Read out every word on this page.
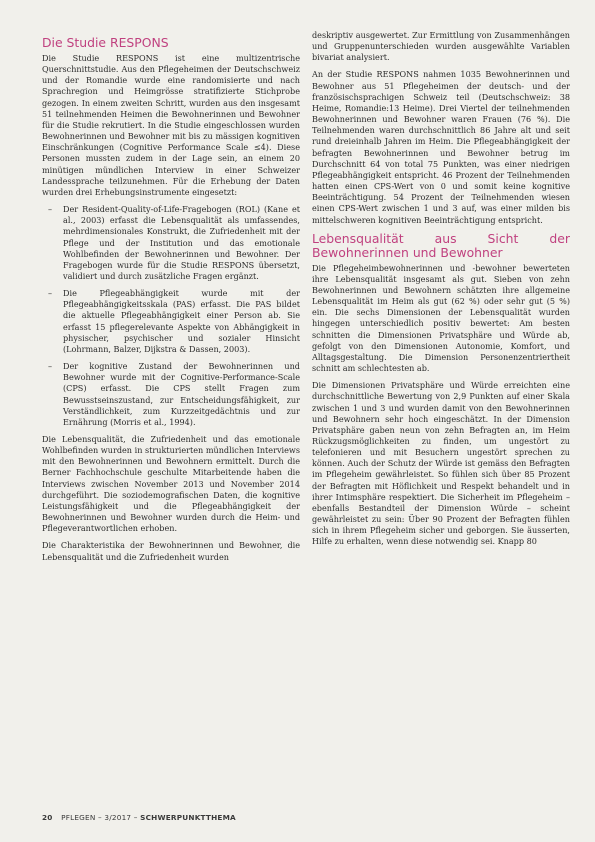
Die Studie RESPONS

Die Studie RESPONS ist eine multizentrische Querschnittstudie. Aus den Pflegeheimen der Deutschschweiz und der Romandie wurde eine randomisierte und nach Sprachregion und Heimgrösse stratifizierte Stichprobe gezogen. In einem zweiten Schritt, wurden aus den insgesamt 51 teilnehmenden Heimen die Bewohnerinnen und Bewohner für die Studie rekrutiert. In die Studie eingeschlossen wurden Bewohnerinnen und Bewohner mit bis zu mässigen kognitiven Einschränkungen (Cognitive Performance Scale ≤4). Diese Personen mussten zudem in der Lage sein, an einem 20 minütigen mündlichen Interview in einer Schweizer Landessprache teilzunehmen. Für die Erhebung der Daten wurden drei Erhebungsinstrumente eingesetzt:

– Der Resident-Quality-of-Life-Fragebogen (ROL) (Kane et al., 2003) erfasst die Lebensqualität als umfassendes, mehrdimensionales Konstrukt, die Zufriedenheit mit der Pflege und der Institution und das emotionale Wohlbefinden der Bewohnerinnen und Bewohner. Der Fragebogen wurde für die Studie RESPONS übersetzt, validiert und durch zusätzliche Fragen ergänzt.
– Die Pflegeabhängigkeit wurde mit der Pflegeabhängigkeitsskala (PAS) erfasst. Die PAS bildet die aktuelle Pflegeabhängigkeit einer Person ab. Sie erfasst 15 pflegerelevante Aspekte von Abhängigkeit in physischer, psychischer und sozialer Hinsicht (Lohrmann, Balzer, Dijkstra & Dassen, 2003).
– Der kognitive Zustand der Bewohnerinnen und Bewohner wurde mit der Cognitive-Performance-Scale (CPS) erfasst. Die CPS stellt Fragen zum Bewusstseinszustand, zur Entscheidungsfähigkeit, zur Verständlichkeit, zum Kurzzeitgedächtnis und zur Ernährung (Morris et al., 1994).

Die Lebensqualität, die Zufriedenheit und das emotionale Wohlbefinden wurden in strukturierten mündlichen Interviews mit den Bewohnerinnen und Bewohnern ermittelt. Durch die Berner Fachhochschule geschulte Mitarbeitende haben die Interviews zwischen November 2013 und November 2014 durchgeführt. Die soziodemografischen Daten, die kognitive Leistungsfähigkeit und die Pflegeabhängigkeit der Bewohnerinnen und Bewohner wurden durch die Heim- und Pflegeverantwortlichen erhoben.

Die Charakteristika der Bewohnerinnen und Bewohner, die Lebensqualität und die Zufriedenheit wurden

deskriptiv ausgewertet. Zur Ermittlung von Zusammenhängen und Gruppenunterschieden wurden ausgewählte Variablen bivariat analysiert.

An der Studie RESPONS nahmen 1035 Bewohnerinnen und Bewohner aus 51 Pflegeheimen der deutsch- und der französischsprachigen Schweiz teil (Deutschschweiz: 38 Heime, Romandie:13 Heime). Drei Viertel der teilnehmenden Bewohnerinnen und Bewohner waren Frauen (76 %). Die Teilnehmenden waren durchschnittlich 86 Jahre alt und seit rund dreieinhalb Jahren im Heim. Die Pflegeabhängigkeit der befragten Bewohnerinnen und Bewohner betrug im Durchschnitt 64 von total 75 Punkten, was einer niedrigen Pflegeabhängigkeit entspricht. 46 Prozent der Teilnehmenden hatten einen CPS-Wert von 0 und somit keine kognitive Beeinträchtigung. 54 Prozent der Teilnehmenden wiesen einen CPS-Wert zwischen 1 und 3 auf, was einer milden bis mittelschweren kognitiven Beeinträchtigung entspricht.

Lebensqualität aus Sicht der Bewohnerinnen und Bewohner

Die Pflegeheimbewohnerinnen und -bewohner bewerteten ihre Lebensqualität insgesamt als gut. Sieben von zehn Bewohnerinnen und Bewohnern schätzten ihre allgemeine Lebensqualität im Heim als gut (62 %) oder sehr gut (5 %) ein. Die sechs Dimensionen der Lebensqualität wurden hingegen unterschiedlich positiv bewertet: Am besten schnitten die Dimensionen Privatsphäre und Würde ab, gefolgt von den Dimensionen Autonomie, Komfort, und Alltagsgestaltung. Die Dimension Personenzentriertheit schnitt am schlechtesten ab.

Die Dimensionen Privatsphäre und Würde erreichten eine durchschnittliche Bewertung von 2,9 Punkten auf einer Skala zwischen 1 und 3 und wurden damit von den Bewohnerinnen und Bewohnern sehr hoch eingeschätzt. In der Dimension Privatsphäre gaben neun von zehn Befragten an, im Heim Rückzugsmöglichkeiten zu finden, um ungestört zu telefonieren und mit Besuchern ungestört sprechen zu können. Auch der Schutz der Würde ist gemäss den Befragten im Pflegeheim gewährleistet. So fühlen sich über 85 Prozent der Befragten mit Höflichkeit und Respekt behandelt und in ihrer Intimsphäre respektiert. Die Sicherheit im Pflegeheim – ebenfalls Bestandteil der Dimension Würde – scheint gewährleistet zu sein: Über 90 Prozent der Befragten fühlen sich in ihrem Pflegeheim sicher und geborgen. Sie äusserten, Hilfe zu erhalten, wenn diese notwendig sei. Knapp 80

20 PFLEGEN – 3/2017 – SCHWERPUNKTTHEMA
